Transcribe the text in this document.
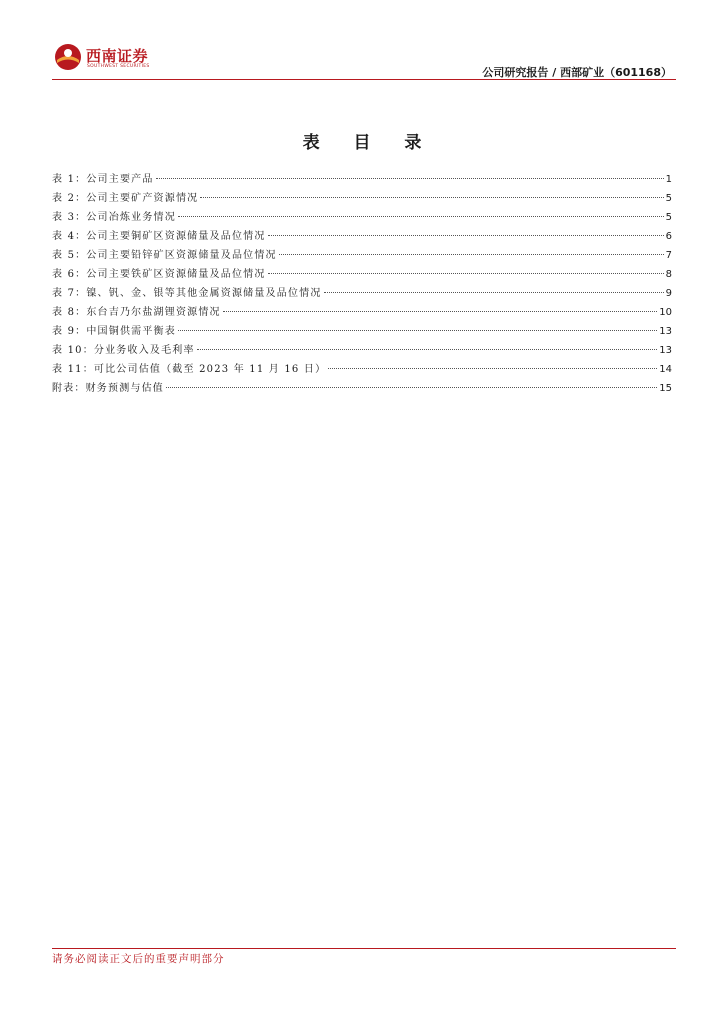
西南证券
SOUTHWEST SECURITIES	公司研究报告 / 西部矿业（601168）
表 目 录
表 1：公司主要产品	1
表 2：公司主要矿产资源情况	5
表 3：公司冶炼业务情况	5
表 4：公司主要铜矿区资源储量及品位情况	6
表 5：公司主要铅锌矿区资源储量及品位情况	7
表 6：公司主要铁矿区资源储量及品位情况	8
表 7：镍、钒、金、银等其他金属资源储量及品位情况	9
表 8：东台吉乃尔盐湖锂资源情况	10
表 9：中国铜供需平衡表	13
表 10：分业务收入及毛利率	13
表 11：可比公司估值（截至 2023 年 11 月 16 日）	14
附表：财务预测与估值	15
请务必阅读正文后的重要声明部分
